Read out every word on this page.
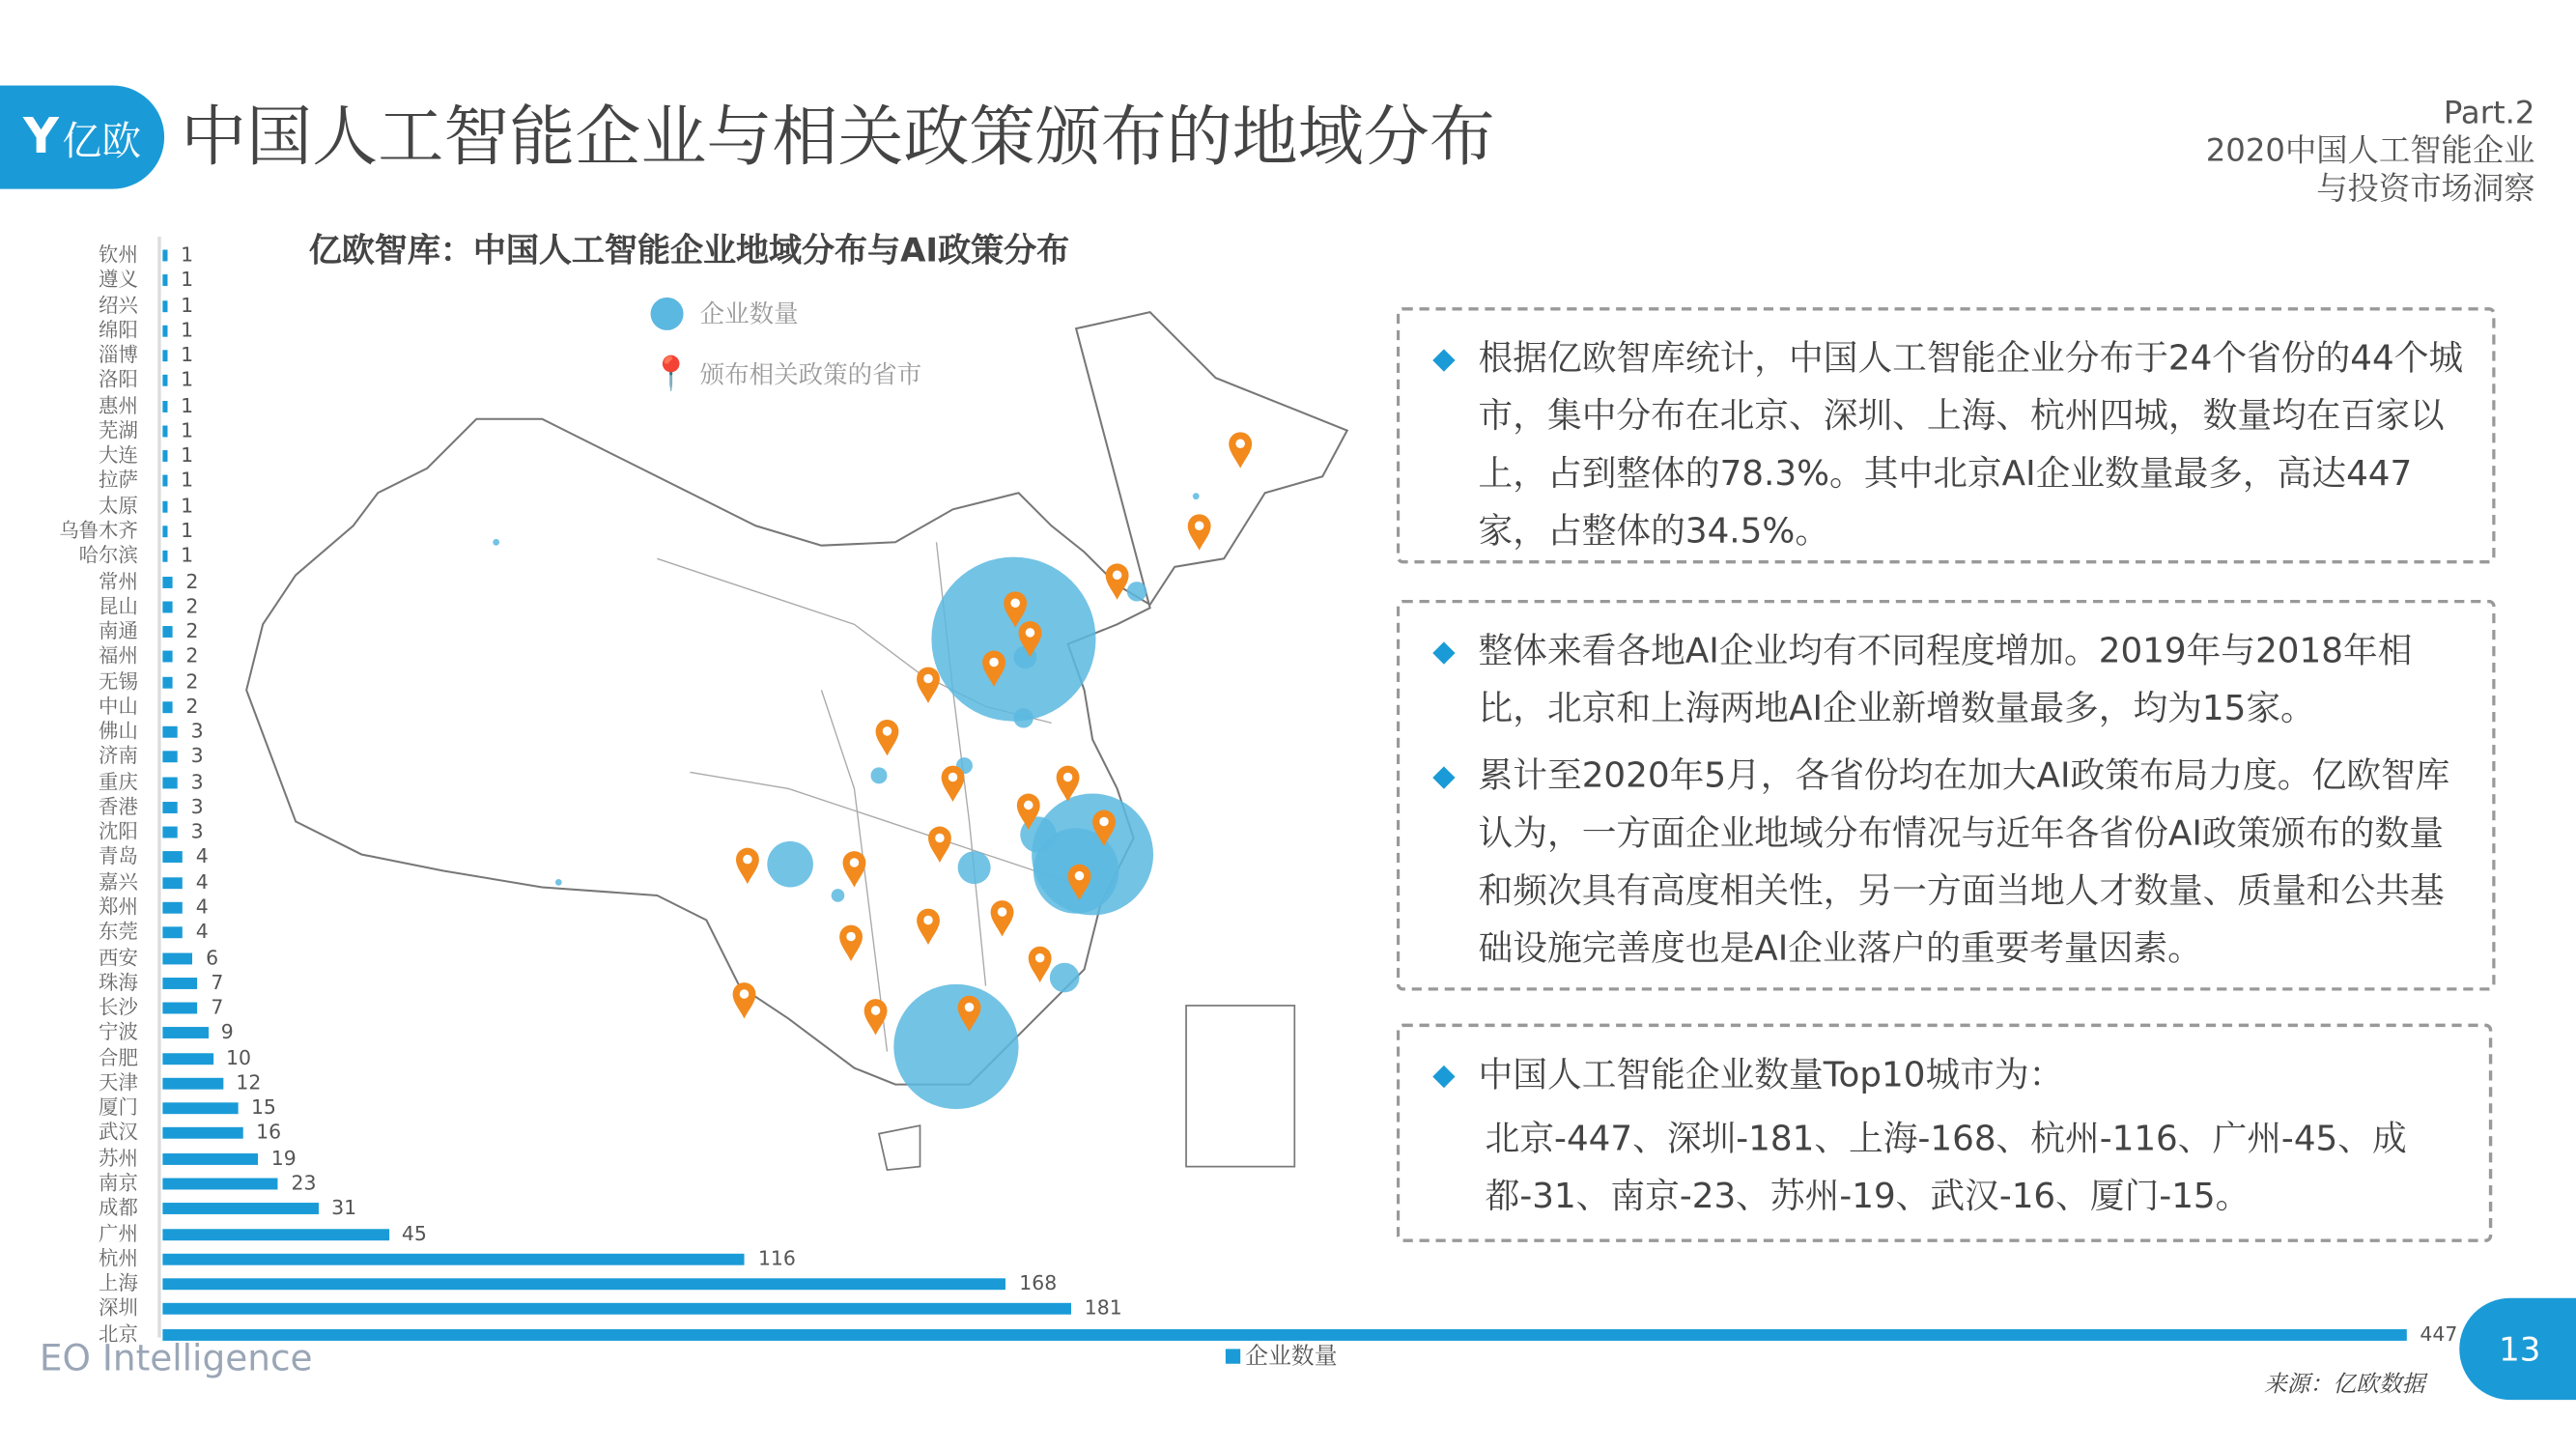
Y 亿欧 中国人工智能企业与相关政策颁布的地域分布	Part.2
2020中国人工智能企业
与投资市场洞察
亿欧智库：中国人工智能企业地域分布与AI政策分布
企业数量
📍 颁布相关政策的省市
钦州	1
遵义	1
绍兴	1
绵阳	1
淄博	1
洛阳	1
惠州	1
芜湖	1
大连	1
拉萨	1
太原	1
乌鲁木齐	1
哈尔滨	1
常州	2
昆山	2
南通	2
福州	2
无锡	2
中山	2
佛山	3
济南	3
重庆	3
香港	3
沈阳	3
青岛	4
嘉兴	4
郑州	4
东莞	4
西安	6
珠海	7
长沙	7
宁波	9
合肥	10
天津	12
厦门	15
武汉	16
苏州	19
南京	23
成都	31
广州	45
杭州	116
上海	168
深圳	181
北京	447
企业数量
◆ 根据亿欧智库统计，中国人工智能企业分布于24个省份的44个城市，集中分布在北京、深圳、上海、杭州四城，数量均在百家以上，占到整体的78.3%。其中北京AI企业数量最多，高达447家，占整体的34.5%。
◆ 整体来看各地AI企业均有不同程度增加。2019年与2018年相比，北京和上海两地AI企业新增数量最多，均为15家。
◆ 累计至2020年5月，各省份均在加大AI政策布局力度。亿欧智库认为，一方面企业地域分布情况与近年各省份AI政策颁布的数量和频次具有高度相关性，另一方面当地人才数量、质量和公共基础设施完善度也是AI企业落户的重要考量因素。
◆ 中国人工智能企业数量Top10城市为：
北京-447、深圳-181、上海-168、杭州-116、广州-45、成都-31、南京-23、苏州-19、武汉-16、厦门-15。
EO Intelligence
来源：亿欧数据
13
